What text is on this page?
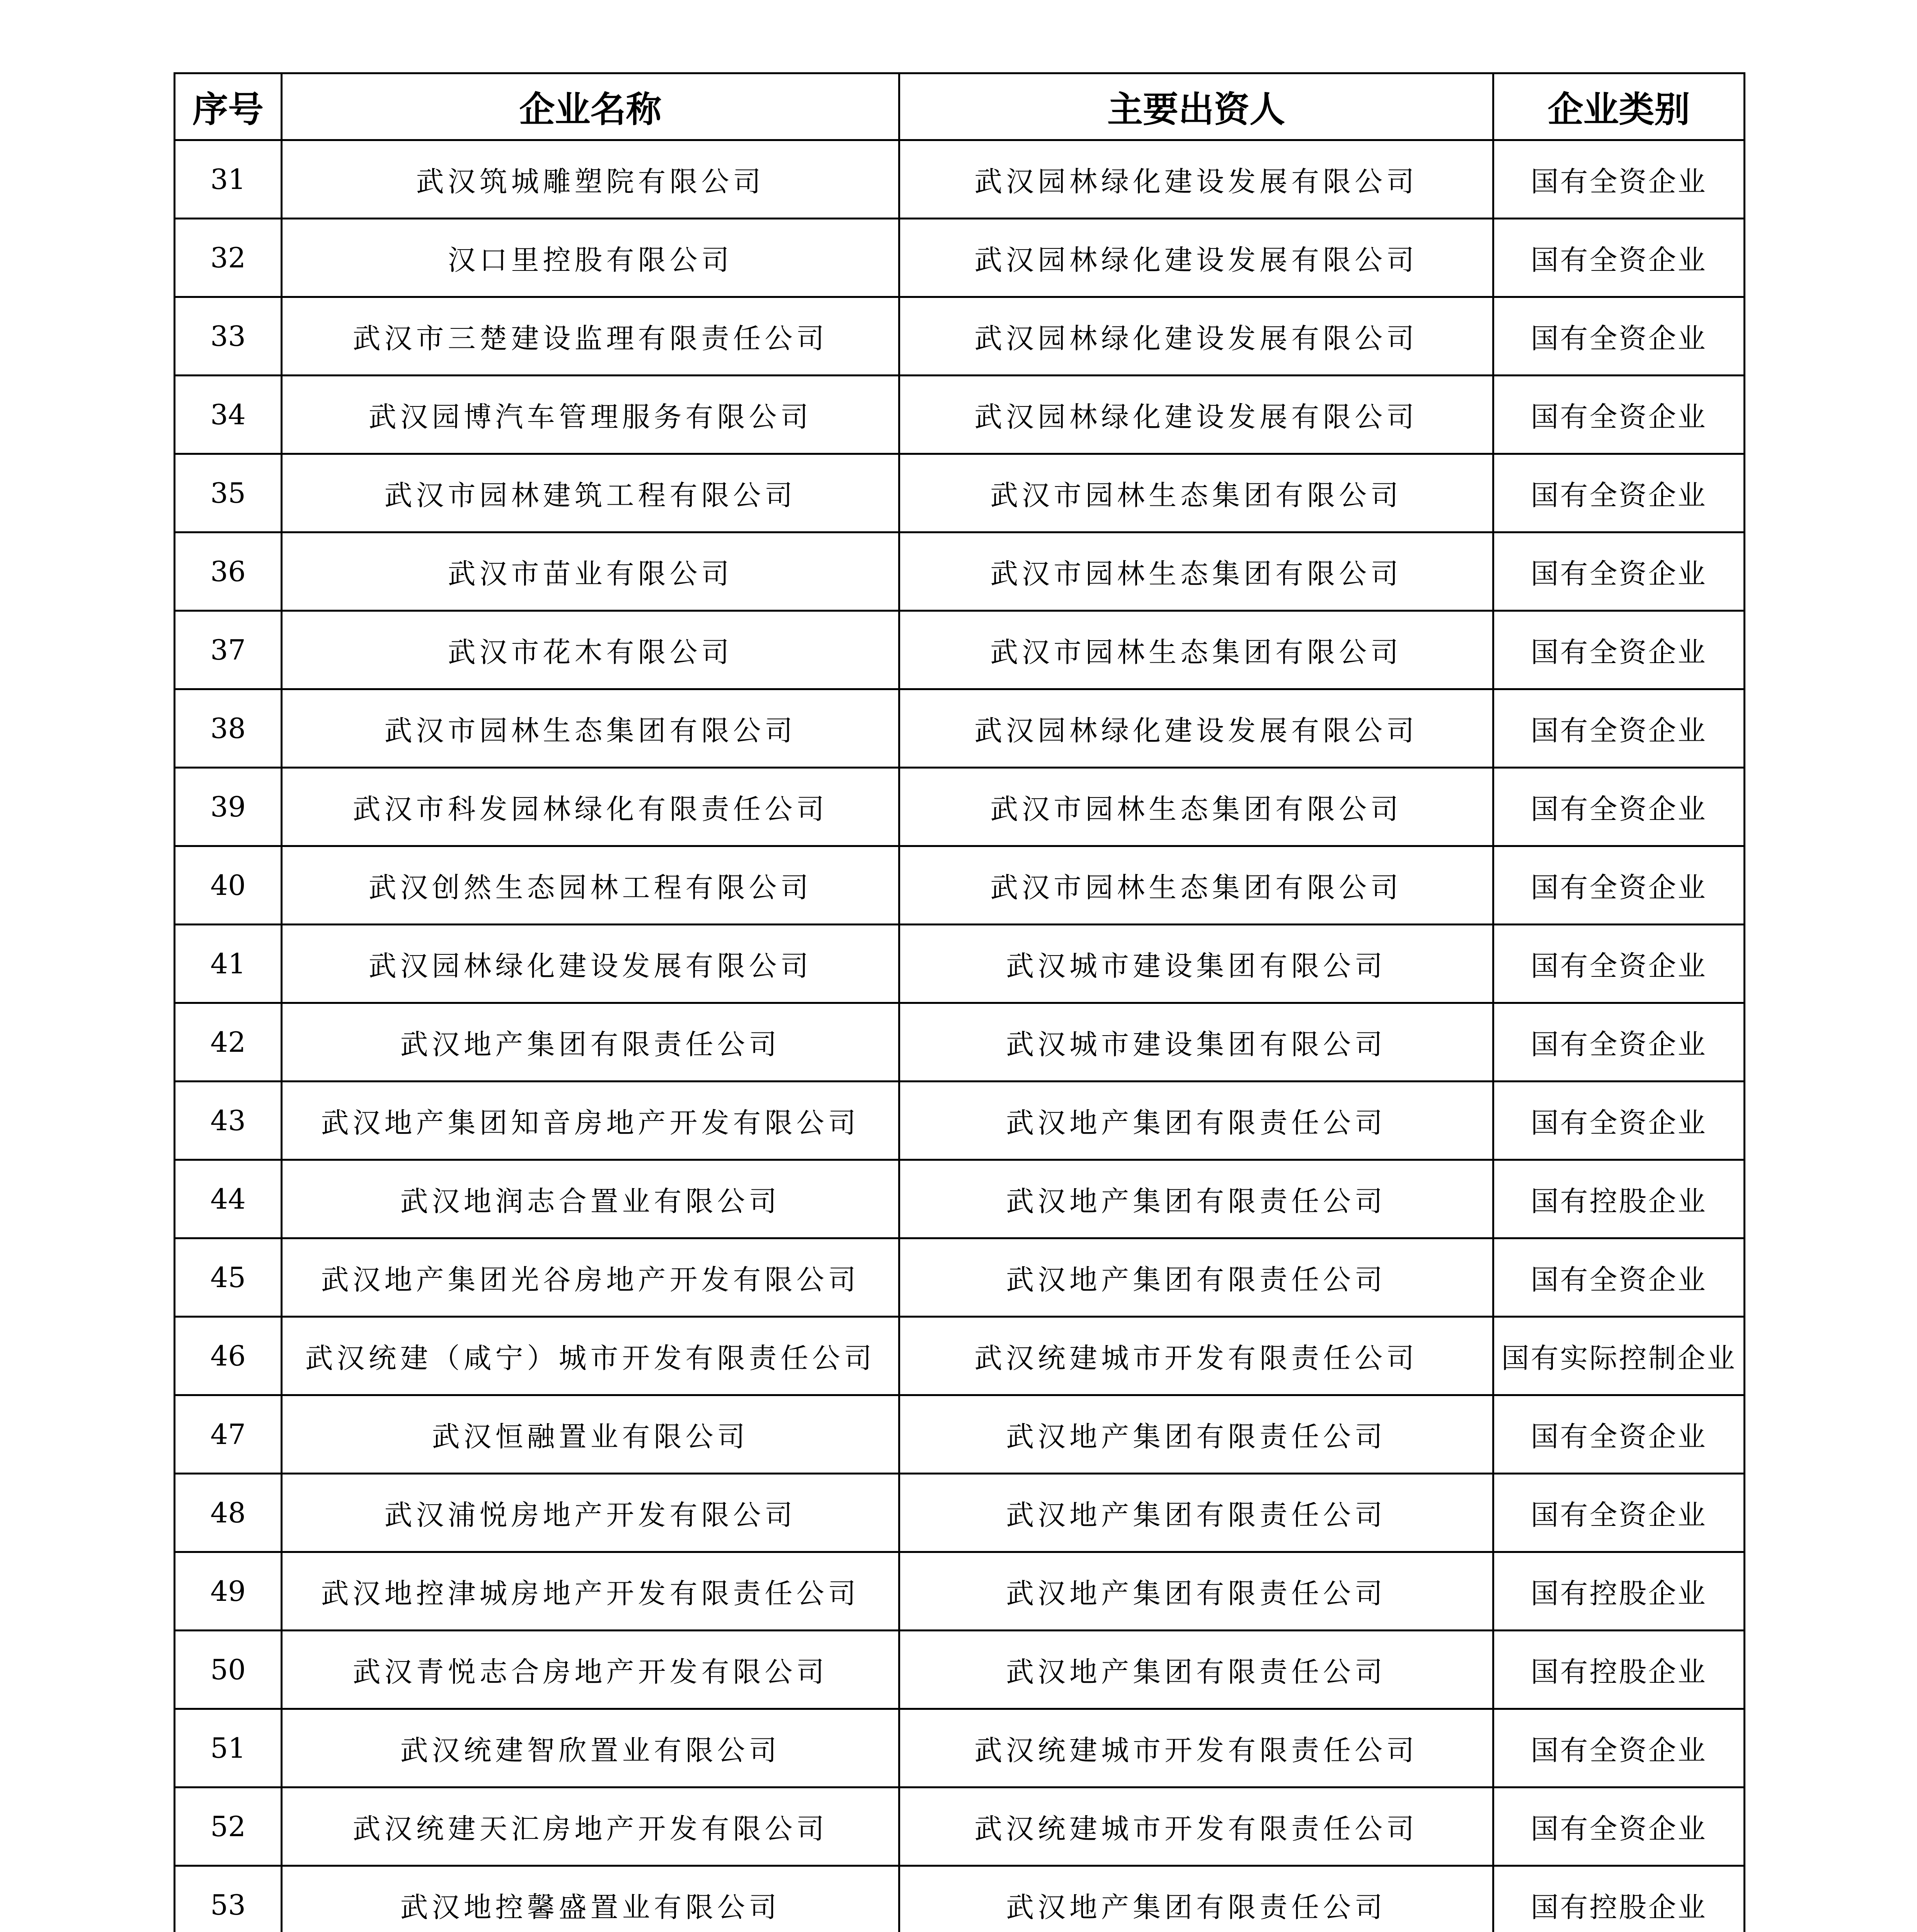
序号	企业名称	主要出资人	企业类别
31	武汉筑城雕塑院有限公司	武汉园林绿化建设发展有限公司	国有全资企业
32	汉口里控股有限公司	武汉园林绿化建设发展有限公司	国有全资企业
33	武汉市三楚建设监理有限责任公司	武汉园林绿化建设发展有限公司	国有全资企业
34	武汉园博汽车管理服务有限公司	武汉园林绿化建设发展有限公司	国有全资企业
35	武汉市园林建筑工程有限公司	武汉市园林生态集团有限公司	国有全资企业
36	武汉市苗业有限公司	武汉市园林生态集团有限公司	国有全资企业
37	武汉市花木有限公司	武汉市园林生态集团有限公司	国有全资企业
38	武汉市园林生态集团有限公司	武汉园林绿化建设发展有限公司	国有全资企业
39	武汉市科发园林绿化有限责任公司	武汉市园林生态集团有限公司	国有全资企业
40	武汉创然生态园林工程有限公司	武汉市园林生态集团有限公司	国有全资企业
41	武汉园林绿化建设发展有限公司	武汉城市建设集团有限公司	国有全资企业
42	武汉地产集团有限责任公司	武汉城市建设集团有限公司	国有全资企业
43	武汉地产集团知音房地产开发有限公司	武汉地产集团有限责任公司	国有全资企业
44	武汉地润志合置业有限公司	武汉地产集团有限责任公司	国有控股企业
45	武汉地产集团光谷房地产开发有限公司	武汉地产集团有限责任公司	国有全资企业
46	武汉统建（咸宁）城市开发有限责任公司	武汉统建城市开发有限责任公司	国有实际控制企业
47	武汉恒融置业有限公司	武汉地产集团有限责任公司	国有全资企业
48	武汉浦悦房地产开发有限公司	武汉地产集团有限责任公司	国有全资企业
49	武汉地控津城房地产开发有限责任公司	武汉地产集团有限责任公司	国有控股企业
50	武汉青悦志合房地产开发有限公司	武汉地产集团有限责任公司	国有控股企业
51	武汉统建智欣置业有限公司	武汉统建城市开发有限责任公司	国有全资企业
52	武汉统建天汇房地产开发有限公司	武汉统建城市开发有限责任公司	国有全资企业
53	武汉地控馨盛置业有限公司	武汉地产集团有限责任公司	国有控股企业
